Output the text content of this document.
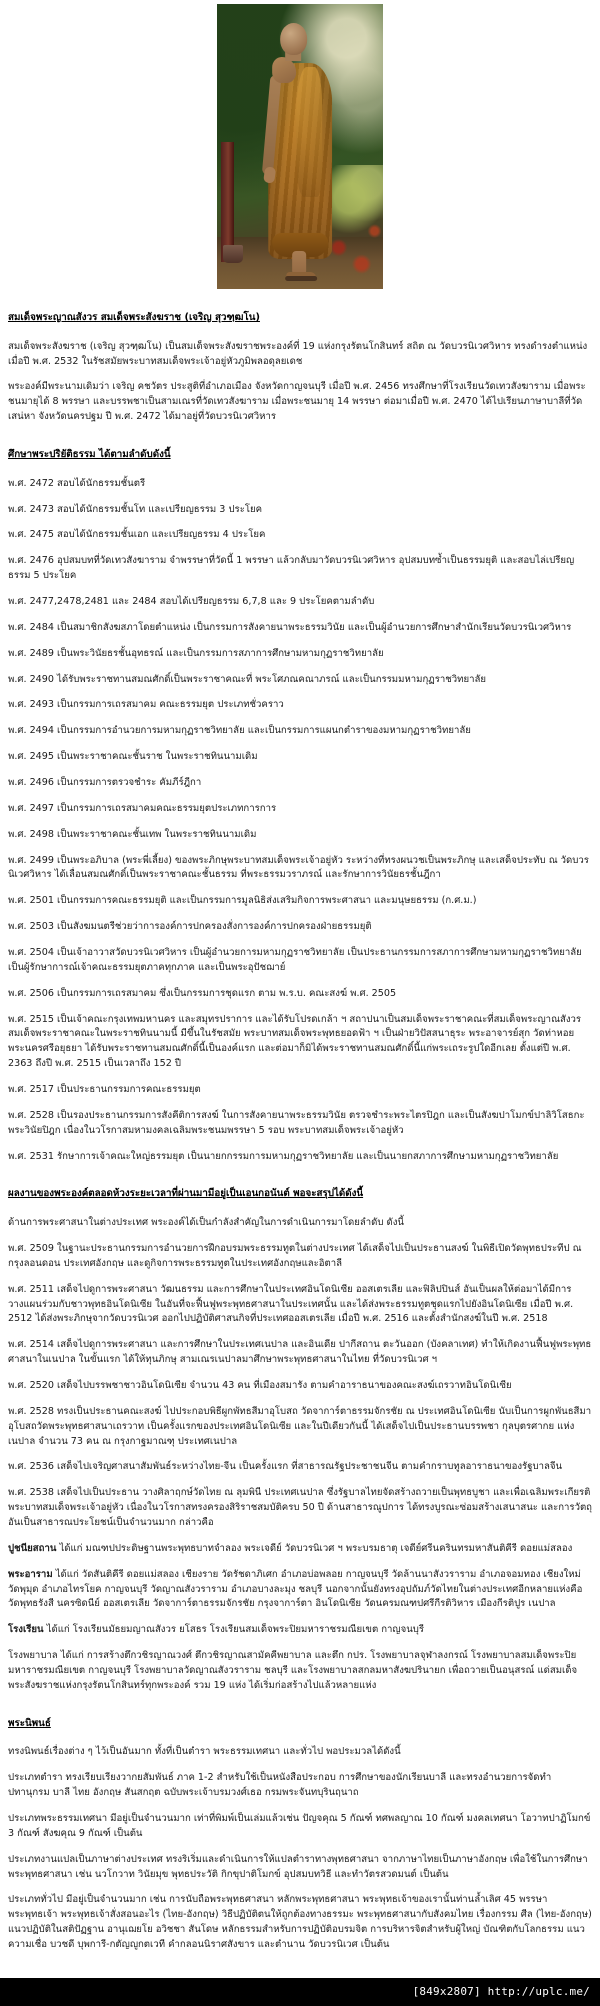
สมเด็จพระญาณสังวร สมเด็จพระสังฆราช (เจริญ สุวฑฺฒโน)

สมเด็จพระสังฆราช (เจริญ สุวฑฺฒโน) เป็นสมเด็จพระสังฆราชพระองค์ที่ 19 แห่งกรุงรัตนโกสินทร์ สถิต ณ วัดบวรนิเวศวิหาร ทรงดำรงตำแหน่งเมื่อปี พ.ศ. 2532 ในรัชสมัยพระบาทสมเด็จพระเจ้าอยู่หัวภูมิพลอดุลยเดช

พระองค์มีพระนามเดิมว่า เจริญ คชวัตร ประสูติที่อำเภอเมือง จังหวัดกาญจนบุรี เมื่อปี พ.ศ. 2456 ทรงศึกษาที่โรงเรียนวัดเทวสังฆาราม เมื่อพระชนมายุได้ 8 พรรษา และบรรพชาเป็นสามเณรที่วัดเทวสังฆาราม เมื่อพระชนมายุ 14 พรรษา ต่อมาเมื่อปี พ.ศ. 2470 ได้ไปเรียนภาษาบาลีที่วัดเสน่หา จังหวัดนครปฐม ปี พ.ศ. 2472 ได้มาอยู่ที่วัดบวรนิเวศวิหาร

ศึกษาพระปริยัติธรรม ได้ตามลำดับดังนี้

พ.ศ. 2472 สอบได้นักธรรมชั้นตรี

พ.ศ. 2473 สอบได้นักธรรมชั้นโท และเปรียญธรรม 3 ประโยค

พ.ศ. 2475 สอบได้นักธรรมชั้นเอก และเปรียญธรรม 4 ประโยค

พ.ศ. 2476 อุปสมบทที่วัดเทวสังฆาราม จำพรรษาที่วัดนี้ 1 พรรษา แล้วกลับมาวัดบวรนิเวศวิหาร อุปสมบทซ้ำเป็นธรรมยุติ และสอบไล่เปรียญธรรม 5 ประโยค

พ.ศ. 2477,2478,2481 และ 2484 สอบได้เปรียญธรรม 6,7,8 และ 9 ประโยคตามลำดับ

พ.ศ. 2484 เป็นสมาชิกสังฆสภาโดยตำแหน่ง เป็นกรรมการสังคายนาพระธรรมวินัย และเป็นผู้อำนวยการศึกษาสำนักเรียนวัดบวรนิเวศวิหาร

พ.ศ. 2489 เป็นพระวินัยธรชั้นอุทธรณ์ และเป็นกรรมการสภาการศึกษามหามกุฏราชวิทยาลัย

พ.ศ. 2490 ได้รับพระราชทานสมณศักดิ์เป็นพระราชาคณะที่ พระโศภณคณาภรณ์ และเป็นกรรมมหามกุฏราชวิทยาลัย

พ.ศ. 2493 เป็นกรรมการเถรสมาคม คณะธรรมยุต ประเภทชั่วคราว

พ.ศ. 2494 เป็นกรรมการอำนวยการมหามกุฏราชวิทยาลัย และเป็นกรรมการแผนกตำราของมหามกุฏราชวิทยาลัย

พ.ศ. 2495 เป็นพระราชาคณะชั้นราช ในพระราชทินนามเดิม

พ.ศ. 2496 เป็นกรรมการตรวจชำระ คัมภีร์ฎีกา

พ.ศ. 2497 เป็นกรรมการเถรสมาคมคณะธรรมยุตประเภทการการ

พ.ศ. 2498 เป็นพระราชาคณะชั้นเทพ ในพระราชทินนามเดิม

พ.ศ. 2499 เป็นพระอภิบาล (พระพี่เลี้ยง) ของพระภิกษุพระบาทสมเด็จพระเจ้าอยู่หัว ระหว่างที่ทรงผนวชเป็นพระภิกษุ และเสด็จประทับ ณ วัดบวรนิเวศวิหาร ได้เลื่อนสมณศักดิ์เป็นพระราชาคณะชั้นธรรม ที่พระธรรมวราภรณ์ และรักษาการวินัยธรชั้นฎีกา

พ.ศ. 2501 เป็นกรรมการคณะธรรมยุติ และเป็นกรรมการมูลนิธิส่งเสริมกิจการพระศาสนา และมนุษยธรรม (ก.ศ.ม.)

พ.ศ. 2503 เป็นสังฆมนตรีช่วยว่าการองค์การปกครองสั่งการองค์การปกครองฝ่ายธรรมยุติ

พ.ศ. 2504 เป็นเจ้าอาวาสวัดบวรนิเวศวิหาร เป็นผู้อำนวยการมหามกุฏราชวิทยาลัย เป็นประธานกรรมการสภาการศึกษามหามกุฏราชวิทยาลัย เป็นผู้รักษาการณ์เจ้าคณะธรรมยุตภาคทุกภาค และเป็นพระอุปัชฌาย์

พ.ศ. 2506 เป็นกรรมการเถรสมาคม ซึ่งเป็นกรรมการชุดแรก ตาม พ.ร.บ. คณะสงฆ์ พ.ศ. 2505

พ.ศ. 2515 เป็นเจ้าคณะกรุงเทพมหานคร และสมุทรปราการ และได้รับโปรดเกล้า ฯ สถาปนาเป็นสมเด็จพระราชาคณะที่สมเด็จพระญาณสังวร สมเด็จพระราชาคณะในพระราชทินนามนี้ มีขึ้นในรัชสมัย พระบาทสมเด็จพระพุทธยอดฟ้า ฯ เป็นฝ่ายวิปัสสนาธุระ พระอาจารย์สุก วัดท่าหอย พระนครศรีอยุธยา ได้รับพระราชทานสมณศักดิ์นี้เป็นองค์แรก และต่อมาก็มิได้พระราชทานสมณศักดิ์นี้แก่พระเถระรูปใดอีกเลย ตั้งแต่ปี พ.ศ. 2363 ถึงปี พ.ศ. 2515 เป็นเวลาถึง 152 ปี

พ.ศ. 2517 เป็นประธานกรรมการคณะธรรมยุต

พ.ศ. 2528 เป็นรองประธานกรรมการสังคีติการสงฆ์ ในการสังคายนาพระธรรมวินัย ตรวจชำระพระไตรปิฎก และเป็นสังฆปาโมกข์ปาลิวิโสธกะพระวินัยปิฎก เนื่องในวโรกาสมหามงคลเฉลิมพระชนมพรรษา 5 รอบ พระบาทสมเด็จพระเจ้าอยู่หัว

พ.ศ. 2531 รักษาการเจ้าคณะใหญ่ธรรมยุต เป็นนายกกรรมการมหามกุฏราชวิทยาลัย และเป็นนายกสภาการศึกษามหามกุฏราชวิทยาลัย

ผลงานของพระองค์ตลอดห้วงระยะเวลาที่ผ่านมามีอยู่เป็นเอนกอนันต์ พอจะสรุปได้ดังนี้

ด้านการพระศาสนาในต่างประเทศ พระองค์ได้เป็นกำลังสำคัญในการดำเนินการมาโดยลำดับ ดังนี้

พ.ศ. 2509 ในฐานะประธานกรรมการอำนวยการฝึกอบรมพระธรรมทูตในต่างประเทศ ได้เสด็จไปเป็นประธานสงฆ์ ในพิธีเปิดวัดพุทธประทีป ณ กรุงลอนดอน ประเทศอังกฤษ และดูกิจการพระธรรมทูตในประเทศอังกฤษและอิตาลี

พ.ศ. 2511 เสด็จไปดูการพระศาสนา วัฒนธรรม และการศึกษาในประเทศอินโดนิเซีย ออสเตรเลีย และฟิลิปปินส์ อันเป็นผลให้ต่อมาได้มีการวางแผนร่วมกับชาวพุทธอินโดนิเซีย ในอันที่จะฟื้นฟูพระพุทธศาสนาในประเทศนั้น และได้ส่งพระธรรมทูตชุดแรกไปยังอินโดนิเซีย เมื่อปี พ.ศ. 2512 ได้ส่งพระภิกษุจากวัดบวรนิเวศ ออกไปปฏิบัติศาสนกิจที่ประเทศออสเตรเลีย เมื่อปี พ.ศ. 2516 และตั้งสำนักสงฆ์ในปี พ.ศ. 2518

พ.ศ. 2514 เสด็จไปดูการพระศาสนา และการศึกษาในประเทศเนปาล และอินเดีย ปากีสถาน ตะวันออก (บังคลาเทศ) ทำให้เกิดงานฟื้นฟูพระพุทธศาสนาในเนปาล ในขั้นแรก ได้ให้ทุนภิกษุ สามเณรเนปาลมาศึกษาพระพุทธศาสนาในไทย ที่วัดบวรนิเวศ ฯ

พ.ศ. 2520 เสด็จไปบรรพชาชาวอินโดนิเซีย จำนวน 43 คน ที่เมืองสมารัง ตามคำอาราธนาของคณะสงฆ์เถรวาทอินโดนิเซีย

พ.ศ. 2528 ทรงเป็นประธานคณะสงฆ์ ไปประกอบพิธีผูกพัทธสีมาอุโบสถ วัดจาการ์ตาธรรมจักรชัย ณ ประเทศอินโดนิเซีย นับเป็นการผูกพันธสีมาอุโบสถวัดพระพุทธศาสนาเถรวาท เป็นครั้งแรกของประเทศอินโดนิเซีย และในปีเดียวกันนี้ ได้เสด็จไปเป็นประธานบรรพชา กุลบุตรศากย แห่งเนปาล จำนวน 73 คน ณ กรุงกาฐมาณฑุ ประเทศเนปาล

พ.ศ. 2536 เสด็จไปเจริญศาสนาสัมพันธ์ระหว่างไทย-จีน เป็นครั้งแรก ที่สาธารณรัฐประชาชนจีน ตามคำกราบทูลอาราธนาของรัฐบาลจีน

พ.ศ. 2538 เสด็จไปเป็นประธาน วางศิลาฤกษ์วัดไทย ณ ลุมพินี ประเทศเนปาล ซึ่งรัฐบาลไทยจัดสร้างถวายเป็นพุทธบูชา และเพื่อเฉลิมพระเกียรติพระบาทสมเด็จพระเจ้าอยู่หัว เนื่องในวโรกาสทรงครองสิริราชสมบัติครบ 50 ปี ด้านสาธารณูปการ ได้ทรงบูรณะซ่อมสร้างเสนาสนะ และการวัตถุอันเป็นสาธารณประโยชน์เป็นจำนวนมาก กล่าวคือ

ปูชนียสถาน ได้แก่ มณฑปประดิษฐานพระพุทธบาทจำลอง พระเจดีย์ วัดบวรนิเวศ ฯ พระบรมธาตุ เจดีย์ศรีนครินทรมหาสันติคีรี ดอยแม่สลอง

พระอาราม ได้แก่ วัดสันติคีรี ดอยแม่สลอง เชียงราย วัดรัชดาภิเศก อำเภอบ่อพลอย กาญจนบุรี วัดล้านนาสังวราราม อำเภอจอมทอง เชียงใหม่ วัดพุมุด อำเภอไทรโยค กาญจนบุรี วัดญาณสังวราราม อำเภอบางละมุง ชลบุรี นอกจากนั้นยังทรงอุปถัมภ์วัดไทยในต่างประเทศอีกหลายแห่งคือ วัดพุทธรังสี นครซิดนีย์ ออสเตรเลีย วัดจาการ์ตาธรรมจักรชัย กรุงจาการ์ตา อินโดนิเซีย วัดนครมณฑปศรีกีรติวิหาร เมืองกีรติปูร เนปาล

โรงเรียน ได้แก่ โรงเรียนมัธยมญาณสังวร ยโสธร โรงเรียนสมเด็จพระปิยมหาราชรมณียเขต กาญจนบุรี

โรงพยาบาล ได้แก่ การสร้างตึกวชิรญาณวงศ์ ตึกวชิรญาณสามัคคีพยาบาล และตึก กปร. โรงพยาบาลจุฬาลงกรณ์ โรงพยาบาลสมเด็จพระปิยมหาราชรมณียเขต กาญจนบุรี โรงพยาบาลวัดญาณสังวราราม ชลบุรี และโรงพยาบาลสกลมหาสังฆปรินายก เพื่อถวายเป็นอนุสรณ์ แด่สมเด็จพระสังฆราชแห่งกรุงรัตนโกสินทร์ทุกพระองค์ รวม 19 แห่ง ได้เริ่มก่อสร้างไปแล้วหลายแห่ง

พระนิพนธ์

ทรงนิพนธ์เรื่องต่าง ๆ ไว้เป็นอันมาก ทั้งที่เป็นตำรา พระธรรมเทศนา และทั่วไป พอประมวลได้ดังนี้

ประเภทตำรา ทรงเรียบเรียงวากยสัมพันธ์ ภาค 1-2 สำหรับใช้เป็นหนังสือประกอบ การศึกษาของนักเรียนบาลี และทรงอำนวยการจัดทำปทานุกรม บาลี ไทย อังกฤษ สันสกฤต ฉบับพระเจ้าบรมวงศ์เธอ กรมพระจันทบุรินฤนาถ

ประเภทพระธรรมเทศนา มีอยู่เป็นจำนวนมาก เท่าที่พิมพ์เป็นเล่มแล้วเช่น ปัญจคุณ 5 กัณฑ์ ทศพลญาณ 10 กัณฑ์ มงคลเทศนา โอวาทปาฏิโมกข์ 3 กัณฑ์ สังฆคุณ 9 กัณฑ์ เป็นต้น

ประเภทงานแปลเป็นภาษาต่างประเทศ ทรงริเริ่มและดำเนินการให้แปลตำราทางพุทธศาสนา จากภาษาไทยเป็นภาษาอังกฤษ เพื่อใช้ในการศึกษาพระพุทธศาสนา เช่น นวโกวาท วินัยมุข พุทธประวัติ กิกขุปาติโมกข์ อุปสมบทวิธี และทำวัตรสวดมนต์ เป็นต้น

ประเภททั่วไป มีอยู่เป็นจำนวนมาก เช่น การนับถือพระพุทธศาสนา หลักพระพุทธศาสนา พระพุทธเจ้าของเรานั้นท่านล้ำเลิศ 45 พรรษาพระพุทธเจ้า พระพุทธเจ้าสั่งสอนอะไร (ไทย-อังกฤษ) วิธีปฏิบัติตนให้ถูกต้องทางธรรมะ พระพุทธศาสนากับสังคมไทย เรื่องกรรม ศีล (ไทย-อังกฤษ) แนวปฏิบัติในสติปัฏฐาน อานุเฌยโย อวิชชา สันโดษ หลักธรรมสำหรับการปฏิบัติอบรมจิต การบริหารจิตสำหรับผู้ใหญ่ บัณฑิตกับโลกธรรม แนวความเชื่อ บวชดี บุพการี-กตัญญูกตเวที คำกลอนนิราศสังขาร และตำนาน วัดบวรนิเวศ เป็นต้น

[849x2807]
http://uplc.me/
